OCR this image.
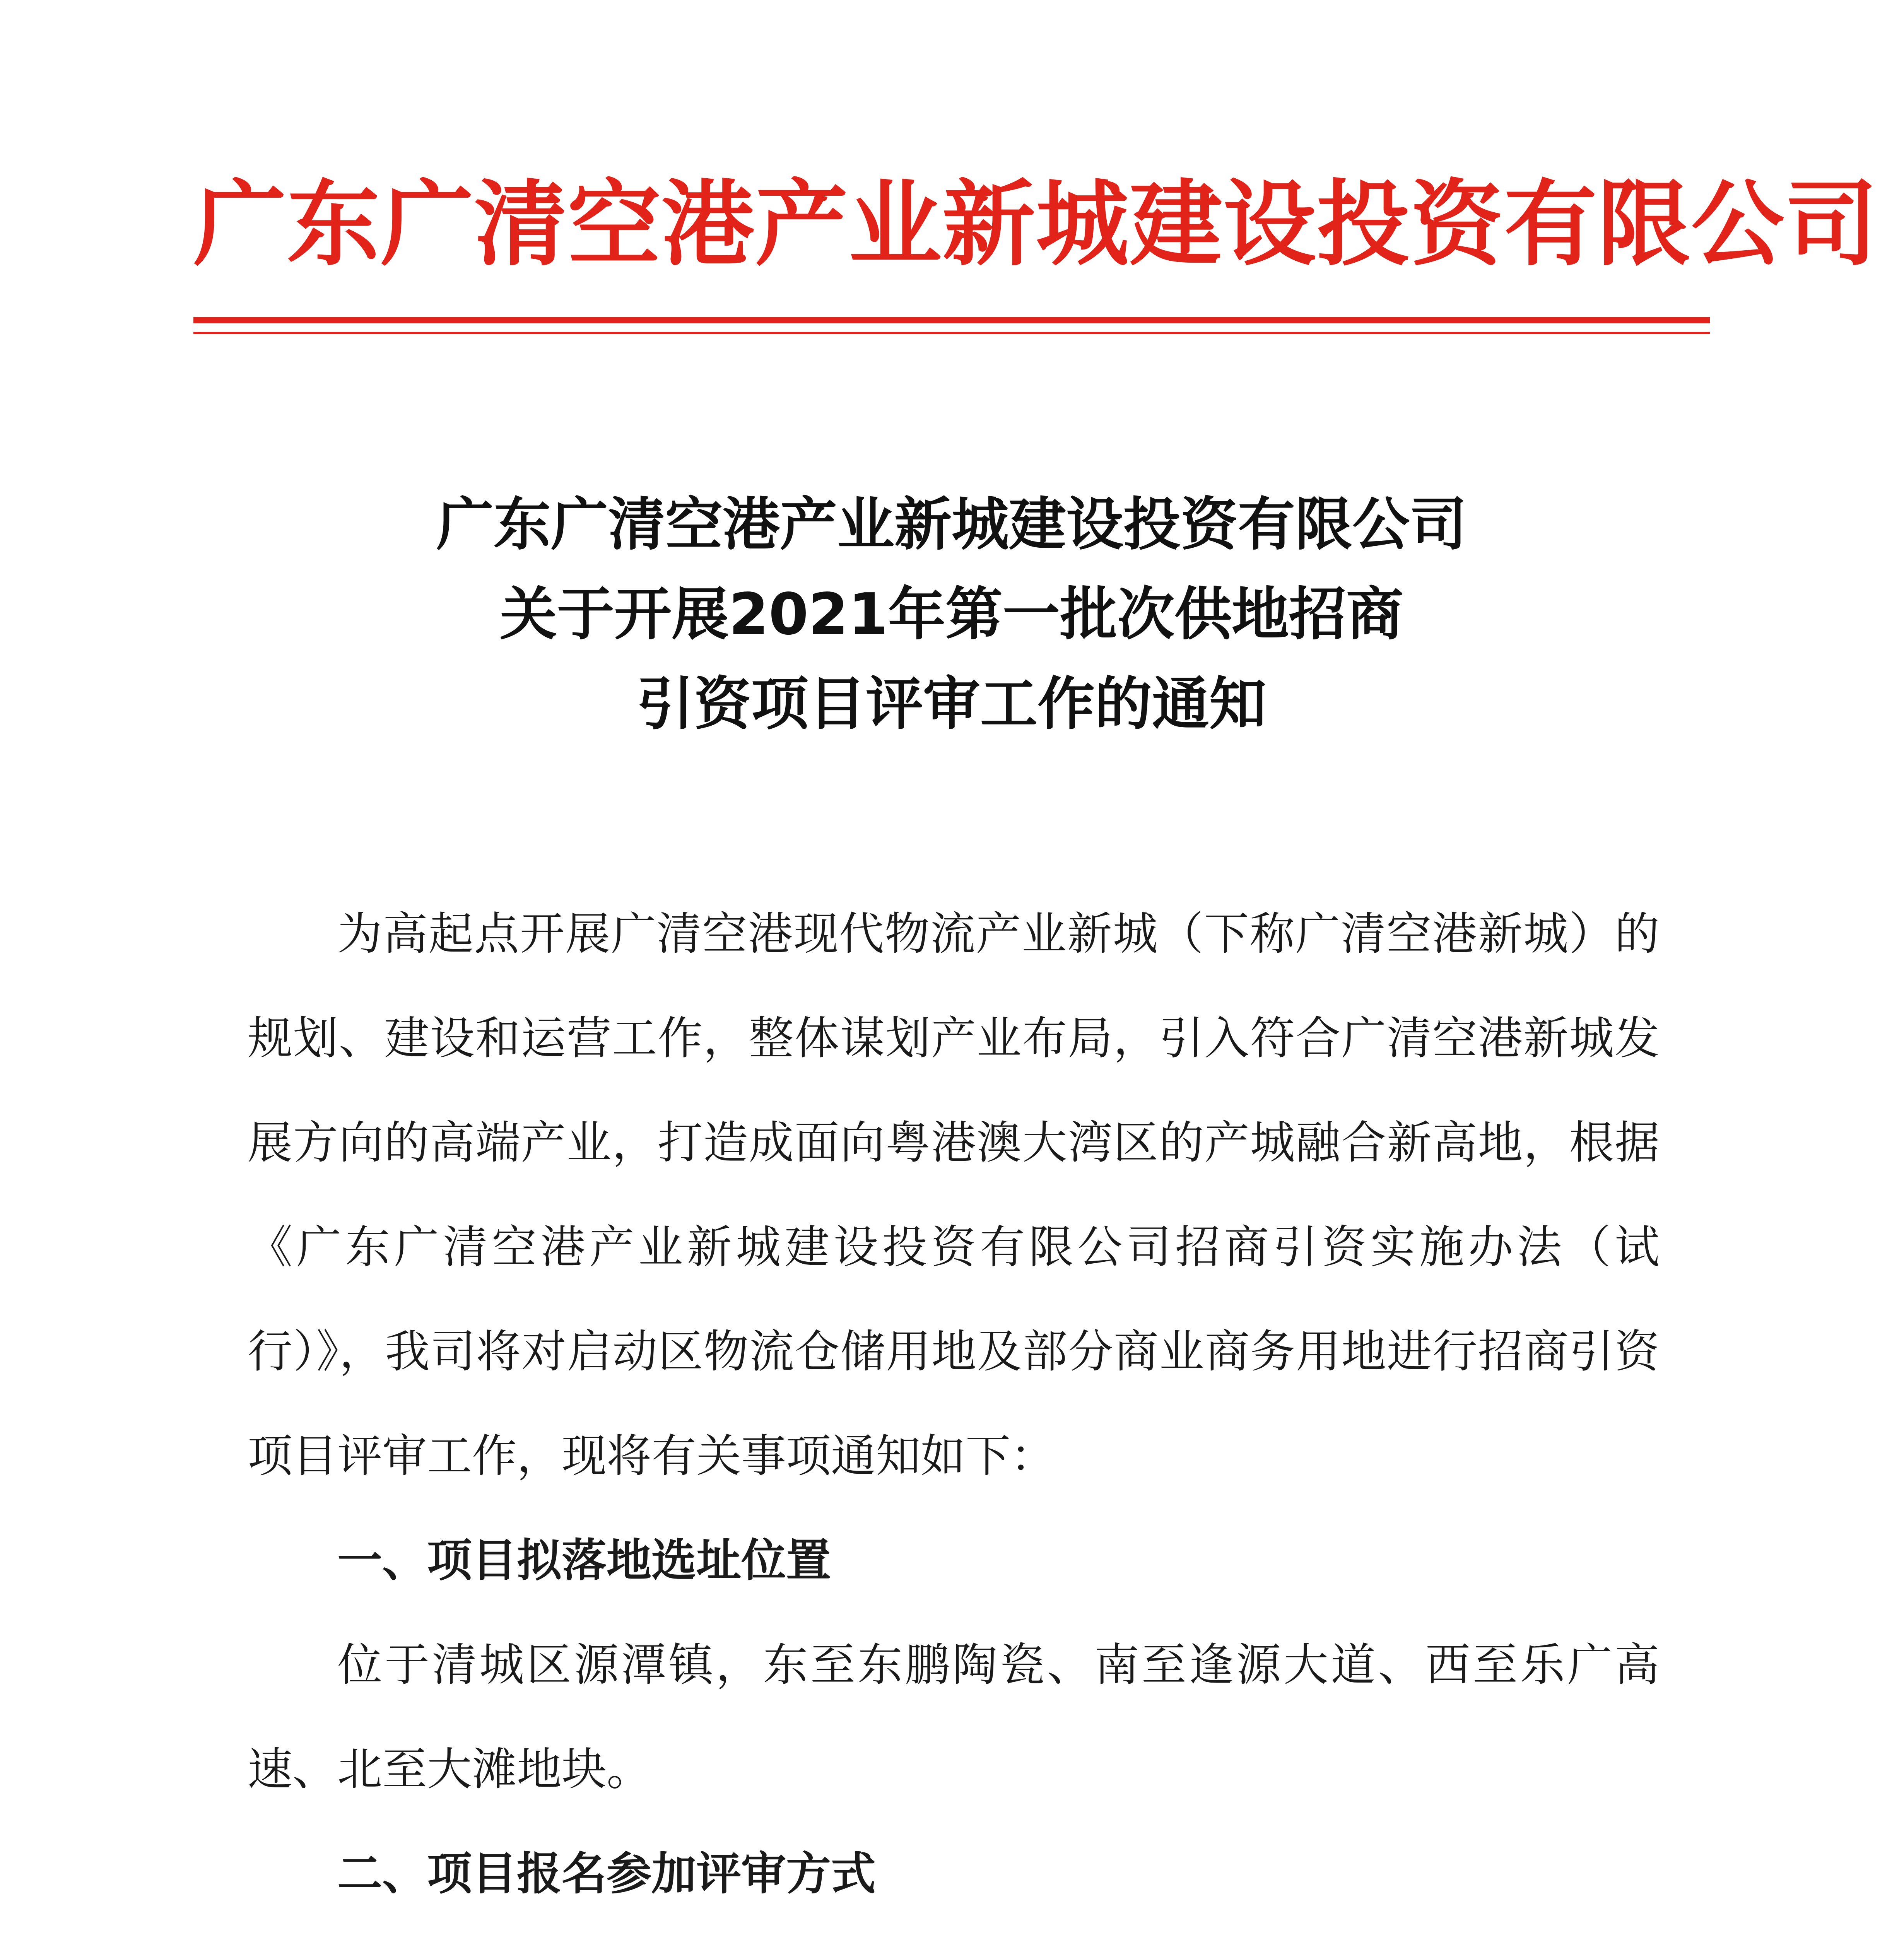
广东广清空港产业新城建设投资有限公司
广东广清空港产业新城建设投资有限公司
关于开展2021年第一批次供地招商
引资项目评审工作的通知

为高起点开展广清空港现代物流产业新城（下称广清空港新城）的规划、建设和运营工作，整体谋划产业布局，引入符合广清空港新城发展方向的高端产业，打造成面向粤港澳大湾区的产城融合新高地，根据《广东广清空港产业新城建设投资有限公司招商引资实施办法（试行）》，我司将对启动区物流仓储用地及部分商业商务用地进行招商引资项目评审工作，现将有关事项通知如下：

一、项目拟落地选址位置

位于清城区源潭镇，东至东鹏陶瓷、南至逢源大道、西至乐广高速、北至大滩地块。

二、项目报名参加评审方式
